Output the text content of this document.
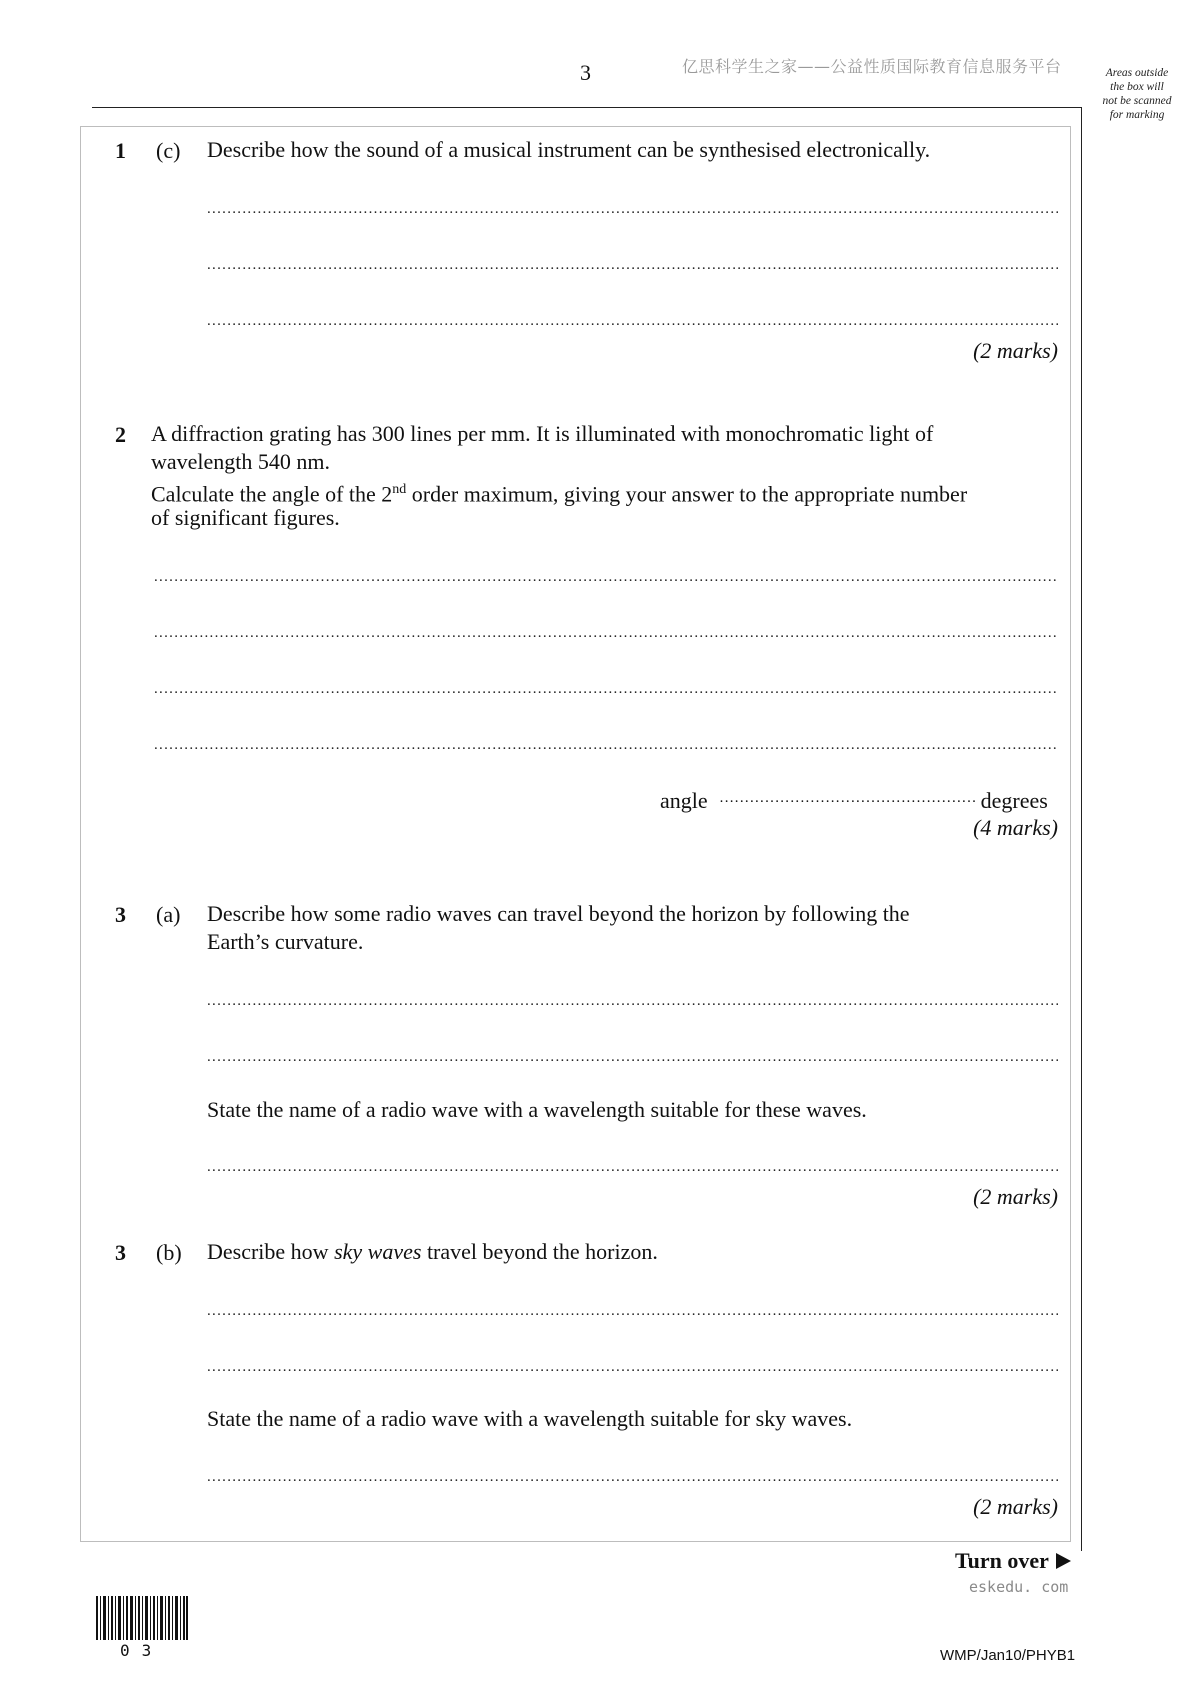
3	亿思科学生之家——公益性质国际教育信息服务平台	Areas outside
the box will
not be scanned
for marking
1 (c) Describe how the sound of a musical instrument can be synthesised electronically.
.....
.....
.....
(2 marks)
2 A diffraction grating has 300 lines per mm. It is illuminated with monochromatic light of
wavelength 540 nm.
Calculate the angle of the 2nd order maximum, giving your answer to the appropriate number
of significant figures.
.....
.....
.....
.....
angle
.....	degrees
(4 marks)
3 (a) Describe how some radio waves can travel beyond the horizon by following the
Earth’s curvature.
.....
.....
State the name of a radio wave with a wavelength suitable for these waves.
.....
(2 marks)
3 (b) Describe how sky waves travel beyond the horizon.
.....
.....
State the name of a radio wave with a wavelength suitable for sky waves.
.....
(2 marks)
Turn over
eskedu. com
03	WMP/Jan10/PHYB1
